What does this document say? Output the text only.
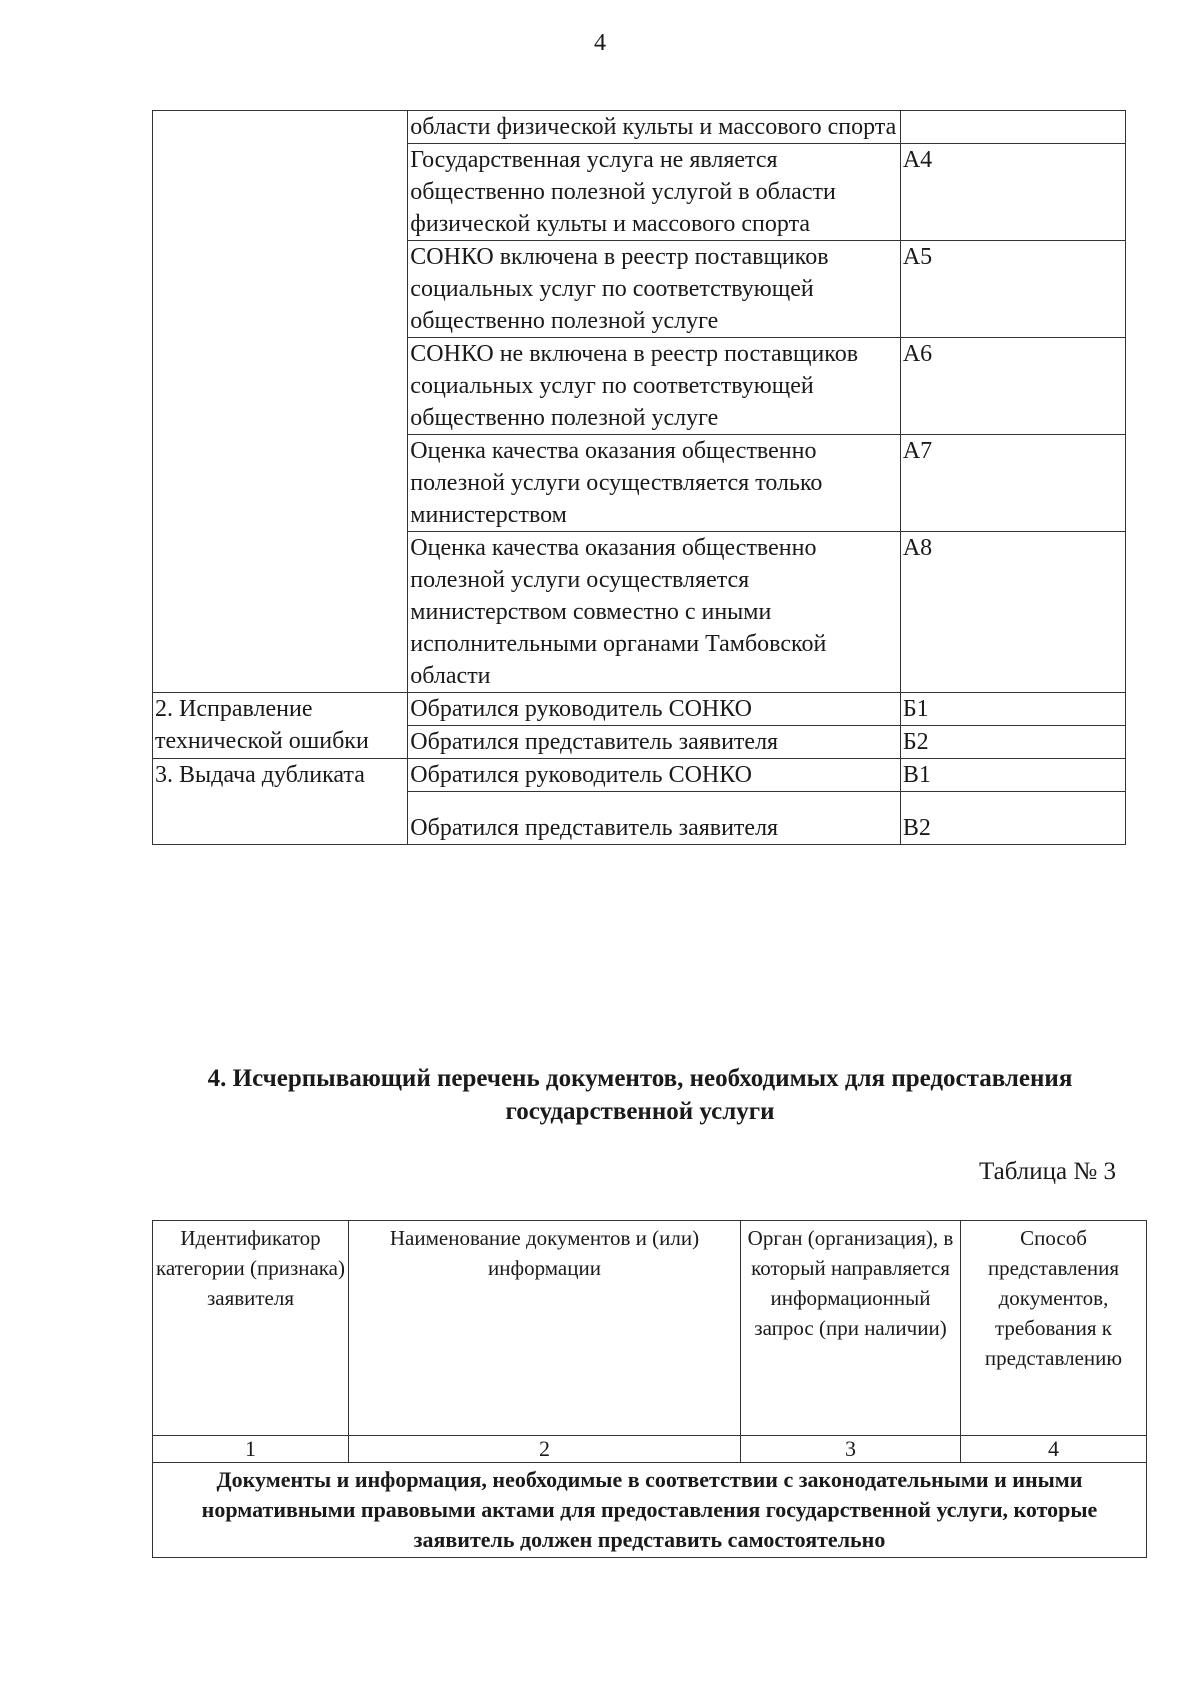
4
	области физической культы и массового спорта	
	Государственная услуга не является общественно полезной услугой в области физической культы и массового спорта	А4
	СОНКО включена в реестр поставщиков социальных услуг по соответствующей общественно полезной услуге	А5
	СОНКО не включена в реестр поставщиков социальных услуг по соответствующей общественно полезной услуге	А6
	Оценка качества оказания общественно полезной услуги осуществляется только министерством	А7
	Оценка качества оказания общественно полезной услуги осуществляется министерством совместно с иными исполнительными органами Тамбовской области	А8
2. Исправление технической ошибки	Обратился руководитель СОНКО	Б1
	Обратился представитель заявителя	Б2
3. Выдача дубликата	Обратился руководитель СОНКО	В1
	Обратился представитель заявителя	В2
4. Исчерпывающий перечень документов, необходимых для предоставления государственной услуги
Таблица № 3
Идентификатор категории (признака) заявителя	Наименование документов и (или) информации	Орган (организация), в который направляется информационный запрос (при наличии)	Способ представления документов, требования к представлению
1	2	3	4
Документы и информация, необходимые в соответствии с законодательными и иными нормативными правовыми актами для предоставления государственной услуги, которые заявитель должен представить самостоятельно			
